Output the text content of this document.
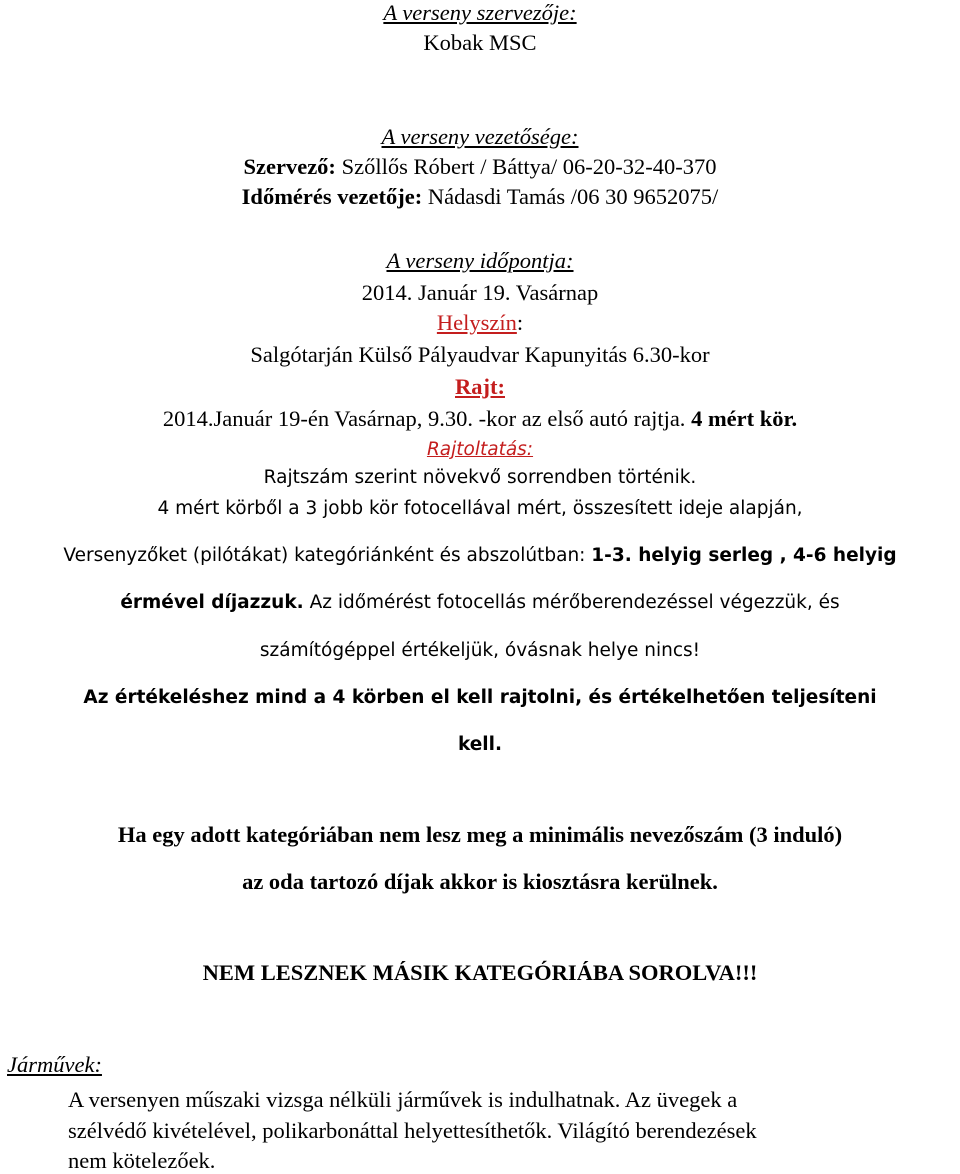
A verseny szervezője:
Kobak MSC
A verseny vezetősége:
Szervező: Szőllős Róbert / Báttya/ 06-20-32-40-370
Időmérés vezetője: Nádasdi Tamás /06 30 9652075/
A verseny időpontja:
2014. Január 19. Vasárnap
Helyszín:
Salgótarján Külső Pályaudvar Kapunyitás 6.30-kor
Rajt:
2014.Január 19-én Vasárnap, 9.30. -kor az első autó rajtja. 4 mért kör.
Rajtoltatás:
Rajtszám szerint növekvő sorrendben történik.
4 mért körből a 3 jobb kör fotocellával mért, összesített ideje alapján,
Versenyzőket (pilótákat) kategóriánként és abszolútban: 1-3. helyig serleg , 4-6 helyig
érmével díjazzuk. Az időmérést fotocellás mérőberendezéssel végezzük, és
számítógéppel értékeljük, óvásnak helye nincs!
Az értékeléshez mind a 4 körben el kell rajtolni, és értékelhetően teljesíteni
kell.
Ha egy adott kategóriában nem lesz meg a minimális nevezőszám (3 induló)
az oda tartozó díjak akkor is kiosztásra kerülnek.
NEM LESZNEK MÁSIK KATEGÓRIÁBA SOROLVA!!!
Járművek:
A versenyen műszaki vizsga nélküli járművek is indulhatnak. Az üvegek a
szélvédő kivételével, polikarbonáttal helyettesíthetők. Világító berendezések
nem kötelezőek.
